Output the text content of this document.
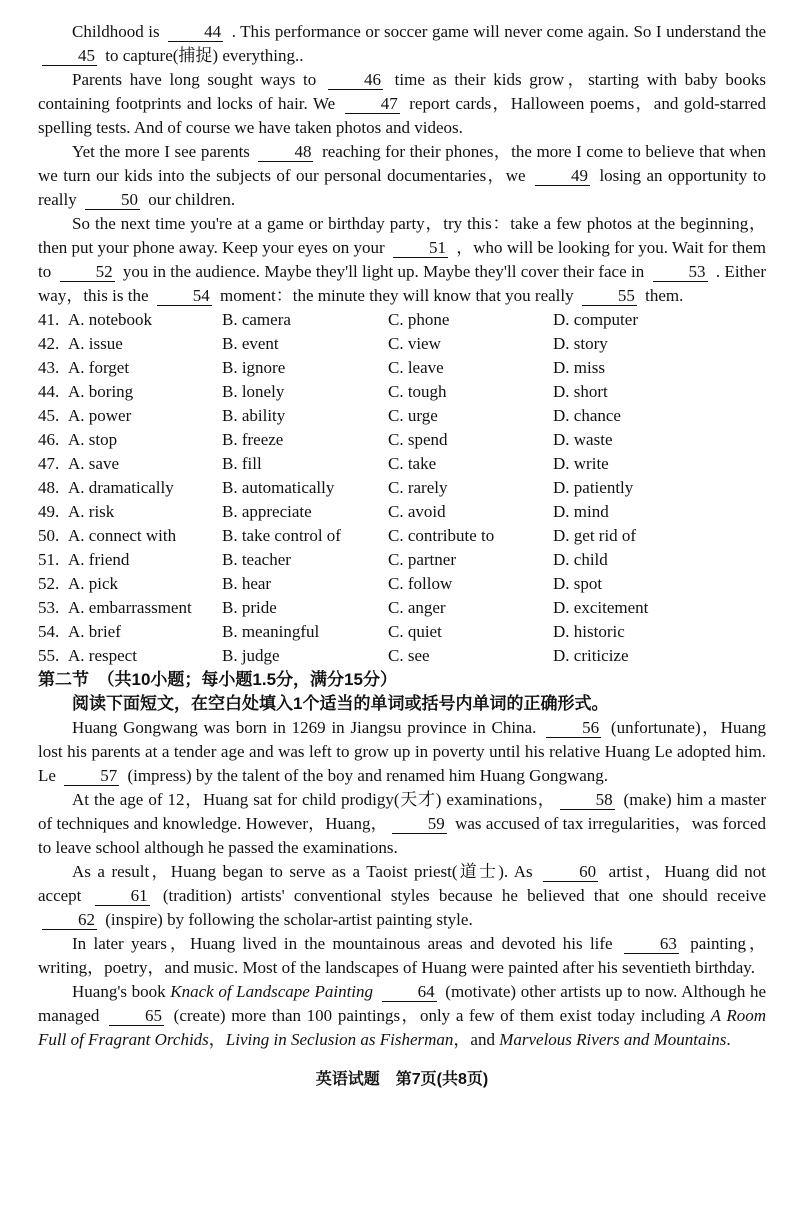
Childhood is 44 . This performance or soccer game will never come again. So I understand the 45 to capture(捕捉) everything..

Parents have long sought ways to 46 time as their kids grow，starting with baby books containing footprints and locks of hair. We 47 report cards，Halloween poems，and gold-starred spelling tests. And of course we have taken photos and videos.

Yet the more I see parents 48 reaching for their phones，the more I come to believe that when we turn our kids into the subjects of our personal documentaries，we 49 losing an opportunity to really 50 our children.

So the next time you're at a game or birthday party，try this：take a few photos at the beginning，then put your phone away. Keep your eyes on your 51 ，who will be looking for you. Wait for them to 52 you in the audience. Maybe they'll light up. Maybe they'll cover their face in 53 . Either way，this is the 54 moment：the minute they will know that you really 55 them.

41. A. notebook	B. camera	C. phone	D. computer
42. A. issue	B. event	C. view	D. story
43. A. forget	B. ignore	C. leave	D. miss
44. A. boring	B. lonely	C. tough	D. short
45. A. power	B. ability	C. urge	D. chance
46. A. stop	B. freeze	C. spend	D. waste
47. A. save	B. fill	C. take	D. write
48. A. dramatically	B. automatically	C. rarely	D. patiently
49. A. risk	B. appreciate	C. avoid	D. mind
50. A. connect with	B. take control of	C. contribute to	D. get rid of
51. A. friend	B. teacher	C. partner	D. child
52. A. pick	B. hear	C. follow	D. spot
53. A. embarrassment	B. pride	C. anger	D. excitement
54. A. brief	B. meaningful	C. quiet	D. historic
55. A. respect	B. judge	C. see	D. criticize

第二节　（共10小题；每小题1.5分，满分15分）

阅读下面短文，在空白处填入1个适当的单词或括号内单词的正确形式。

Huang Gongwang was born in 1269 in Jiangsu province in China. 56 (unfortunate)，Huang lost his parents at a tender age and was left to grow up in poverty until his relative Huang Le adopted him. Le 57 (impress) by the talent of the boy and renamed him Huang Gongwang.

At the age of 12，Huang sat for child prodigy(天才) examinations， 58 (make) him a master of techniques and knowledge. However，Huang， 59 was accused of tax irregularities，was forced to leave school although he passed the examinations.

As a result，Huang began to serve as a Taoist priest(道士). As 60 artist，Huang did not accept 61 (tradition) artists' conventional styles because he believed that one should receive 62 (inspire) by following the scholar-artist painting style.

In later years，Huang lived in the mountainous areas and devoted his life 63 painting，writing，poetry，and music. Most of the landscapes of Huang were painted after his seventieth birthday.

Huang's book Knack of Landscape Painting	64 (motivate) other artists up to now. Although he managed 65 (create) more than 100 paintings，only a few of them exist today including A Room Full of Fragrant Orchids，Living in Seclusion as Fisherman，and Marvelous Rivers and Mountains.

英语试题　第7页(共8页)
